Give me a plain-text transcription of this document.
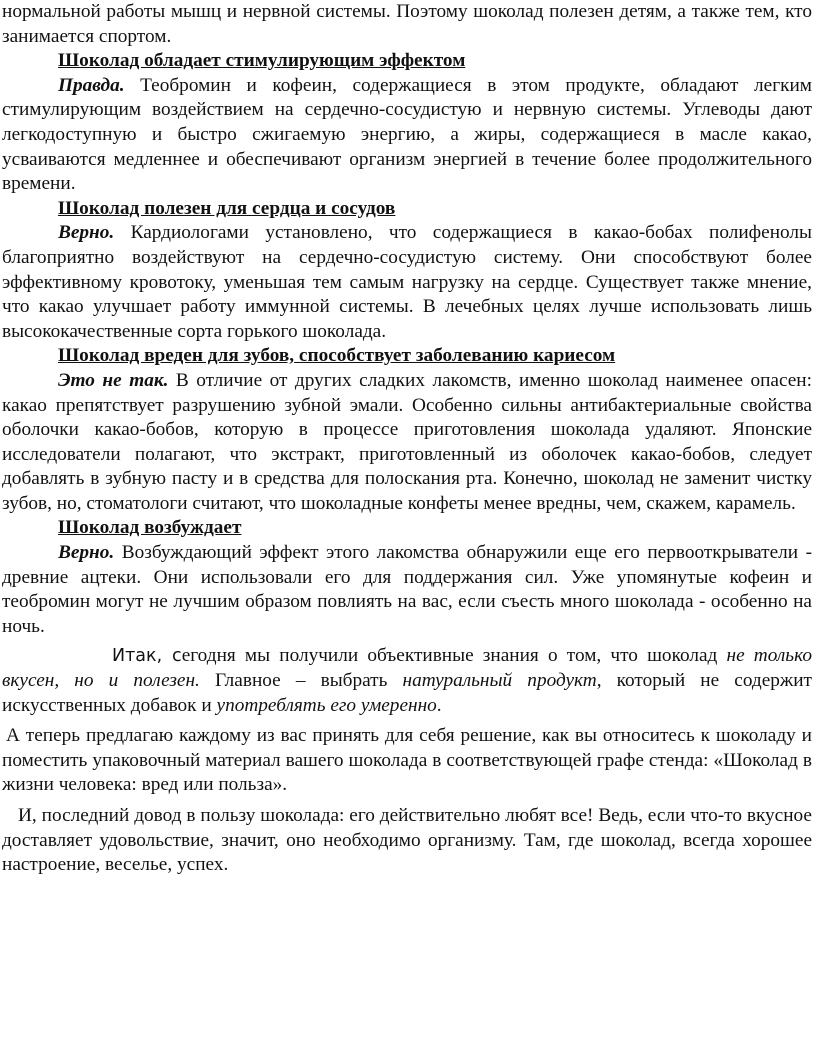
нормальной работы мышц и нервной системы. Поэтому шоколад полезен детям, а также тем, кто занимается спортом.

Шоколад обладает стимулирующим эффектом

Правда. Теобромин и кофеин, содержащиеся в этом продукте, обладают легким стимулирующим воздействием на сердечно-сосудистую и нервную системы. Углеводы дают легкодоступную и быстро сжигаемую энергию, а жиры, содержащиеся в масле какао, усваиваются медленнее и обеспечивают организм энергией в течение более продолжительного времени.

Шоколад полезен для сердца и сосудов

Верно. Кардиологами установлено, что содержащиеся в какао-бобах полифенолы благоприятно воздействуют на сердечно-сосудистую систему. Они способствуют более эффективному кровотоку, уменьшая тем самым нагрузку на сердце. Существует также мнение, что какао улучшает работу иммунной системы. В лечебных целях лучше использовать лишь высококачественные сорта горького шоколада.

Шоколад вреден для зубов, способствует заболеванию кариесом

Это не так. В отличие от других сладких лакомств, именно шоколад наименее опасен: какао препятствует разрушению зубной эмали. Особенно сильны антибактериальные свойства оболочки какао-бобов, которую в процессе приготовления шоколада удаляют. Японские исследователи полагают, что экстракт, приготовленный из оболочек какао-бобов, следует добавлять в зубную пасту и в средства для полоскания рта. Конечно, шоколад не заменит чистку зубов, но, стоматологи считают, что шоколадные конфеты менее вредны, чем, скажем, карамель.

Шоколад возбуждает

Верно. Возбуждающий эффект этого лакомства обнаружили еще его первооткрыватели - древние ацтеки. Они использовали его для поддержания сил. Уже упомянутые кофеин и теобромин могут не лучшим образом повлиять на вас, если съесть много шоколада - особенно на ночь.

Итак, сегодня мы получили объективные знания о том, что шоколад не только вкусен, но и полезен. Главное – выбрать натуральный продукт, который не содержит искусственных добавок и употреблять его умеренно.

А теперь предлагаю каждому из вас принять для себя решение, как вы относитесь к шоколаду и поместить упаковочный материал вашего шоколада в соответствующей графе стенда: «Шоколад в жизни человека: вред или польза».

И, последний довод в пользу шоколада: его действительно любят все! Ведь, если что-то вкусное доставляет удовольствие, значит, оно необходимо организму. Там, где шоколад, всегда хорошее настроение, веселье, успех.
